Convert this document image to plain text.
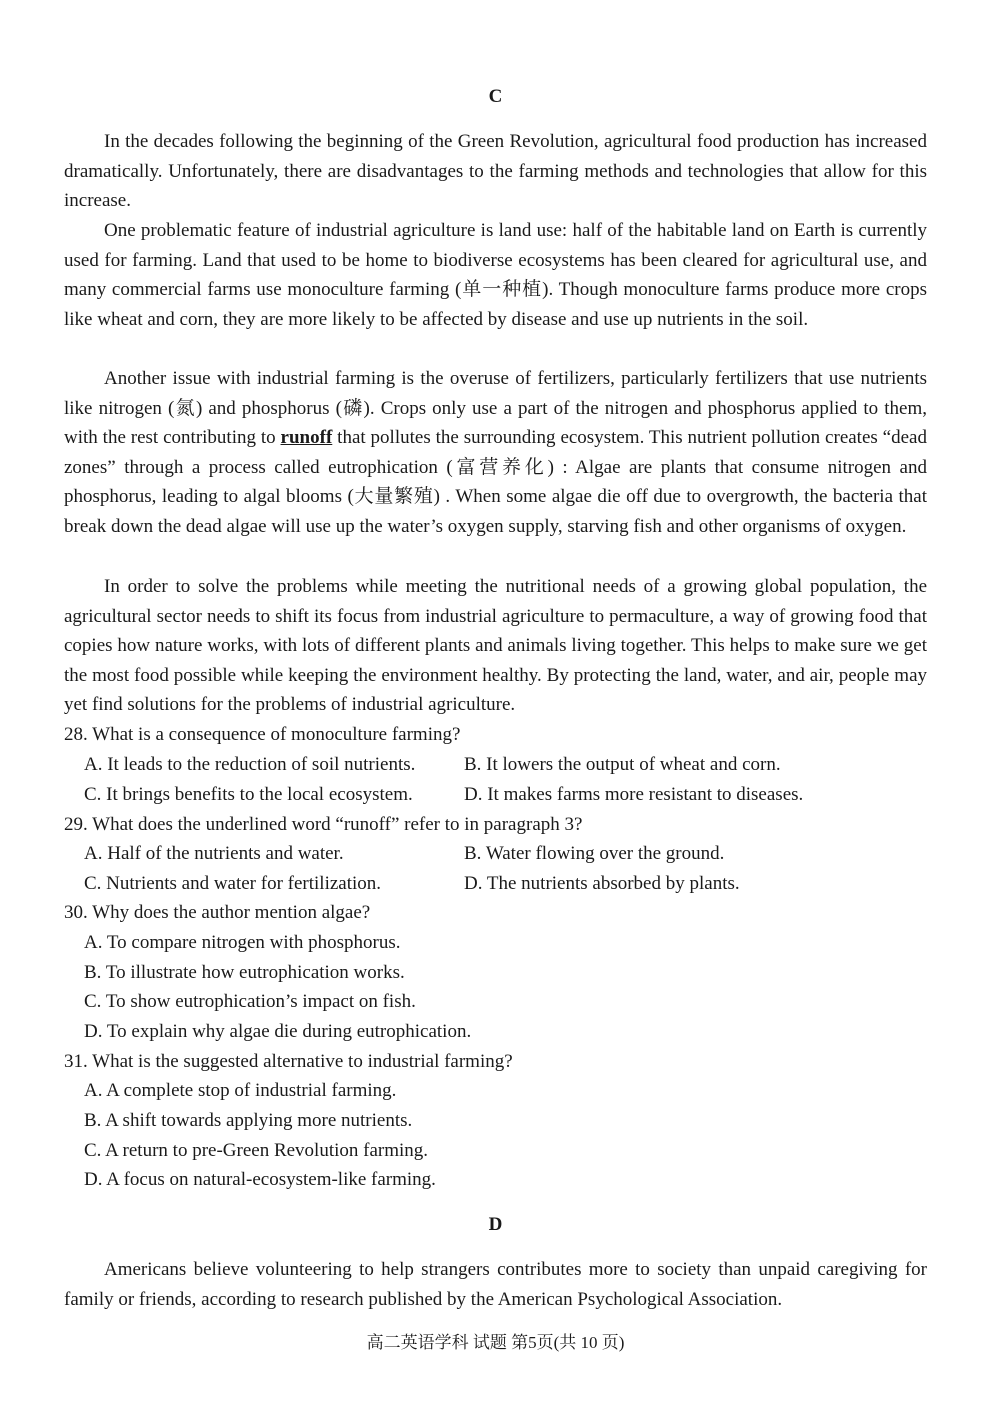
C

In the decades following the beginning of the Green Revolution, agricultural food production has increased dramatically. Unfortunately, there are disadvantages to the farming methods and technologies that allow for this increase.

One problematic feature of industrial agriculture is land use: half of the habitable land on Earth is currently used for farming. Land that used to be home to biodiverse ecosystems has been cleared for agricultural use, and many commercial farms use monoculture farming (单一种植). Though monoculture farms produce more crops like wheat and corn, they are more likely to be affected by disease and use up nutrients in the soil.

Another issue with industrial farming is the overuse of fertilizers, particularly fertilizers that use nutrients like nitrogen (氮) and phosphorus (磷). Crops only use a part of the nitrogen and phosphorus applied to them, with the rest contributing to runoff that pollutes the surrounding ecosystem. This nutrient pollution creates “dead zones” through a process called eutrophication (富营养化) : Algae are plants that consume nitrogen and phosphorus, leading to algal blooms (大量繁殖) . When some algae die off due to overgrowth, the bacteria that break down the dead algae will use up the water’s oxygen supply, starving fish and other organisms of oxygen.

In order to solve the problems while meeting the nutritional needs of a growing global population, the agricultural sector needs to shift its focus from industrial agriculture to permaculture, a way of growing food that copies how nature works, with lots of different plants and animals living together. This helps to make sure we get the most food possible while keeping the environment healthy. By protecting the land, water, and air, people may yet find solutions for the problems of industrial agriculture.

28. What is a consequence of monoculture farming?
A. It leads to the reduction of soil nutrients.	B. It lowers the output of wheat and corn.
C. It brings benefits to the local ecosystem.	D. It makes farms more resistant to diseases.
29. What does the underlined word “runoff” refer to in paragraph 3?
A. Half of the nutrients and water.	B. Water flowing over the ground.
C. Nutrients and water for fertilization.	D. The nutrients absorbed by plants.
30. Why does the author mention algae?
A. To compare nitrogen with phosphorus.
B. To illustrate how eutrophication works.
C. To show eutrophication’s impact on fish.
D. To explain why algae die during eutrophication.
31. What is the suggested alternative to industrial farming?
A. A complete stop of industrial farming.
B. A shift towards applying more nutrients.
C. A return to pre-Green Revolution farming.
D. A focus on natural-ecosystem-like farming.
D

Americans believe volunteering to help strangers contributes more to society than unpaid caregiving for family or friends, according to research published by the American Psychological Association.

高二英语学科 试题 第5页(共 10 页)
